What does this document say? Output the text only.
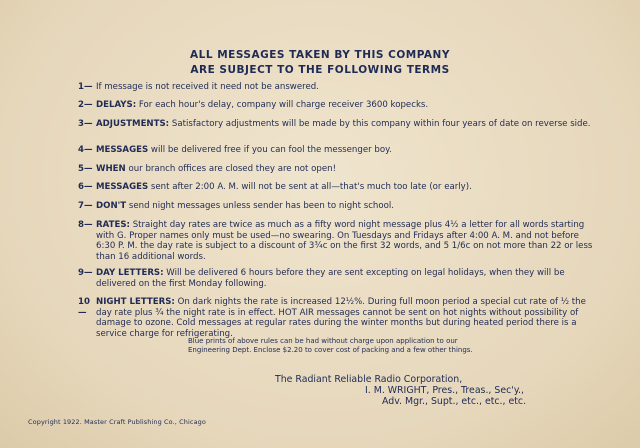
ALL MESSAGES TAKEN BY THIS COMPANY
ARE SUBJECT TO THE FOLLOWING TERMS
1— If message is not received it need not be answered.
2— DELAYS: For each hour's delay, company will charge receiver 3600 kopecks.
3— ADJUSTMENTS: Satisfactory adjustments will be made by this company within four years of date on reverse side.
4— MESSAGES will be delivered free if you can fool the messenger boy.
5— WHEN our branch offices are closed they are not open!
6— MESSAGES sent after 2:00 A. M. will not be sent at all—that's much too late (or early).
7— DON'T send night messages unless sender has been to night school.
8— RATES: Straight day rates are twice as much as a fifty word night message plus 4½ a letter for all words starting with G. Proper names only must be used—no swearing. On Tuesdays and Fridays after 4:00 A. M. and not before 6:30 P. M. the day rate is subject to a discount of 3¾c on the first 32 words, and 5 1/6c on not more than 22 or less than 16 additional words.
9— DAY LETTERS: Will be delivered 6 hours before they are sent excepting on legal holidays, when they will be delivered on the first Monday following.
10—
NIGHT LETTERS: On dark nights the rate is increased 12½%. During full moon period a special cut rate of ½ the day rate plus ¾ the night rate is in effect. HOT AIR messages cannot be sent on hot nights without possibility of damage to ozone. Cold messages at regular rates during the winter months but during heated period there is a service charge for refrigerating.
Blue prints of above rules can be had without charge upon application to our Engineering Dept. Enclose $2.20 to cover cost of packing and a few other things.
The Radiant Reliable Radio Corporation,
I. M. WRIGHT, Pres., Treas., Sec'y.,
Adv. Mgr., Supt., etc., etc., etc.
Copyright 1922. Master Craft Publishing Co., Chicago
